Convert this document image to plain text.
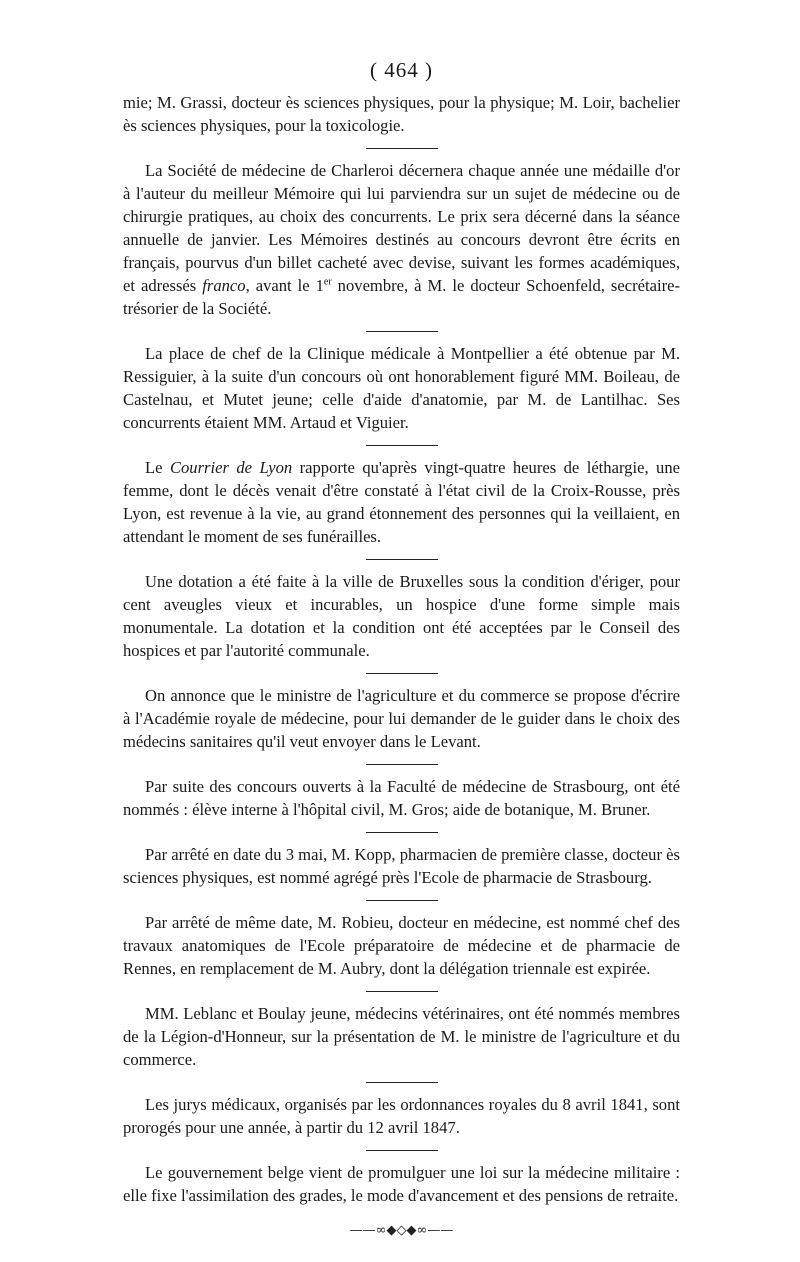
( 464 )

mie; M. Grassi, docteur ès sciences physiques, pour la physique; M. Loir, bachelier ès sciences physiques, pour la toxicologie.

La Société de médecine de Charleroi décernera chaque année une médaille d'or à l'auteur du meilleur Mémoire qui lui parviendra sur un sujet de médecine ou de chirurgie pratiques, au choix des concurrents. Le prix sera décerné dans la séance annuelle de janvier. Les Mémoires destinés au concours devront être écrits en français, pourvus d'un billet cacheté avec devise, suivant les formes académiques, et adressés franco, avant le 1er novembre, à M. le docteur Schoenfeld, secrétaire-trésorier de la Société.

La place de chef de la Clinique médicale à Montpellier a été obtenue par M. Ressiguier, à la suite d'un concours où ont honorablement figuré MM. Boileau, de Castelnau, et Mutet jeune; celle d'aide d'anatomie, par M. de Lantilhac. Ses concurrents étaient MM. Artaud et Viguier.

Le Courrier de Lyon rapporte qu'après vingt-quatre heures de léthargie, une femme, dont le décès venait d'être constaté à l'état civil de la Croix-Rousse, près Lyon, est revenue à la vie, au grand étonnement des personnes qui la veillaient, en attendant le moment de ses funérailles.

Une dotation a été faite à la ville de Bruxelles sous la condition d'ériger, pour cent aveugles vieux et incurables, un hospice d'une forme simple mais monumentale. La dotation et la condition ont été acceptées par le Conseil des hospices et par l'autorité communale.

On annonce que le ministre de l'agriculture et du commerce se propose d'écrire à l'Académie royale de médecine, pour lui demander de le guider dans le choix des médecins sanitaires qu'il veut envoyer dans le Levant.

Par suite des concours ouverts à la Faculté de médecine de Strasbourg, ont été nommés : élève interne à l'hôpital civil, M. Gros; aide de botanique, M. Bruner.

Par arrêté en date du 3 mai, M. Kopp, pharmacien de première classe, docteur ès sciences physiques, est nommé agrégé près l'Ecole de pharmacie de Strasbourg.

Par arrêté de même date, M. Robieu, docteur en médecine, est nommé chef des travaux anatomiques de l'Ecole préparatoire de médecine et de pharmacie de Rennes, en remplacement de M. Aubry, dont la délégation triennale est expirée.

MM. Leblanc et Boulay jeune, médecins vétérinaires, ont été nommés membres de la Légion-d'Honneur, sur la présentation de M. le ministre de l'agriculture et du commerce.

Les jurys médicaux, organisés par les ordonnances royales du 8 avril 1841, sont prorogés pour une année, à partir du 12 avril 1847.

Le gouvernement belge vient de promulguer une loi sur la médecine militaire : elle fixe l'assimilation des grades, le mode d'avancement et des pensions de retraite.

——∞◆◇◆∞——
